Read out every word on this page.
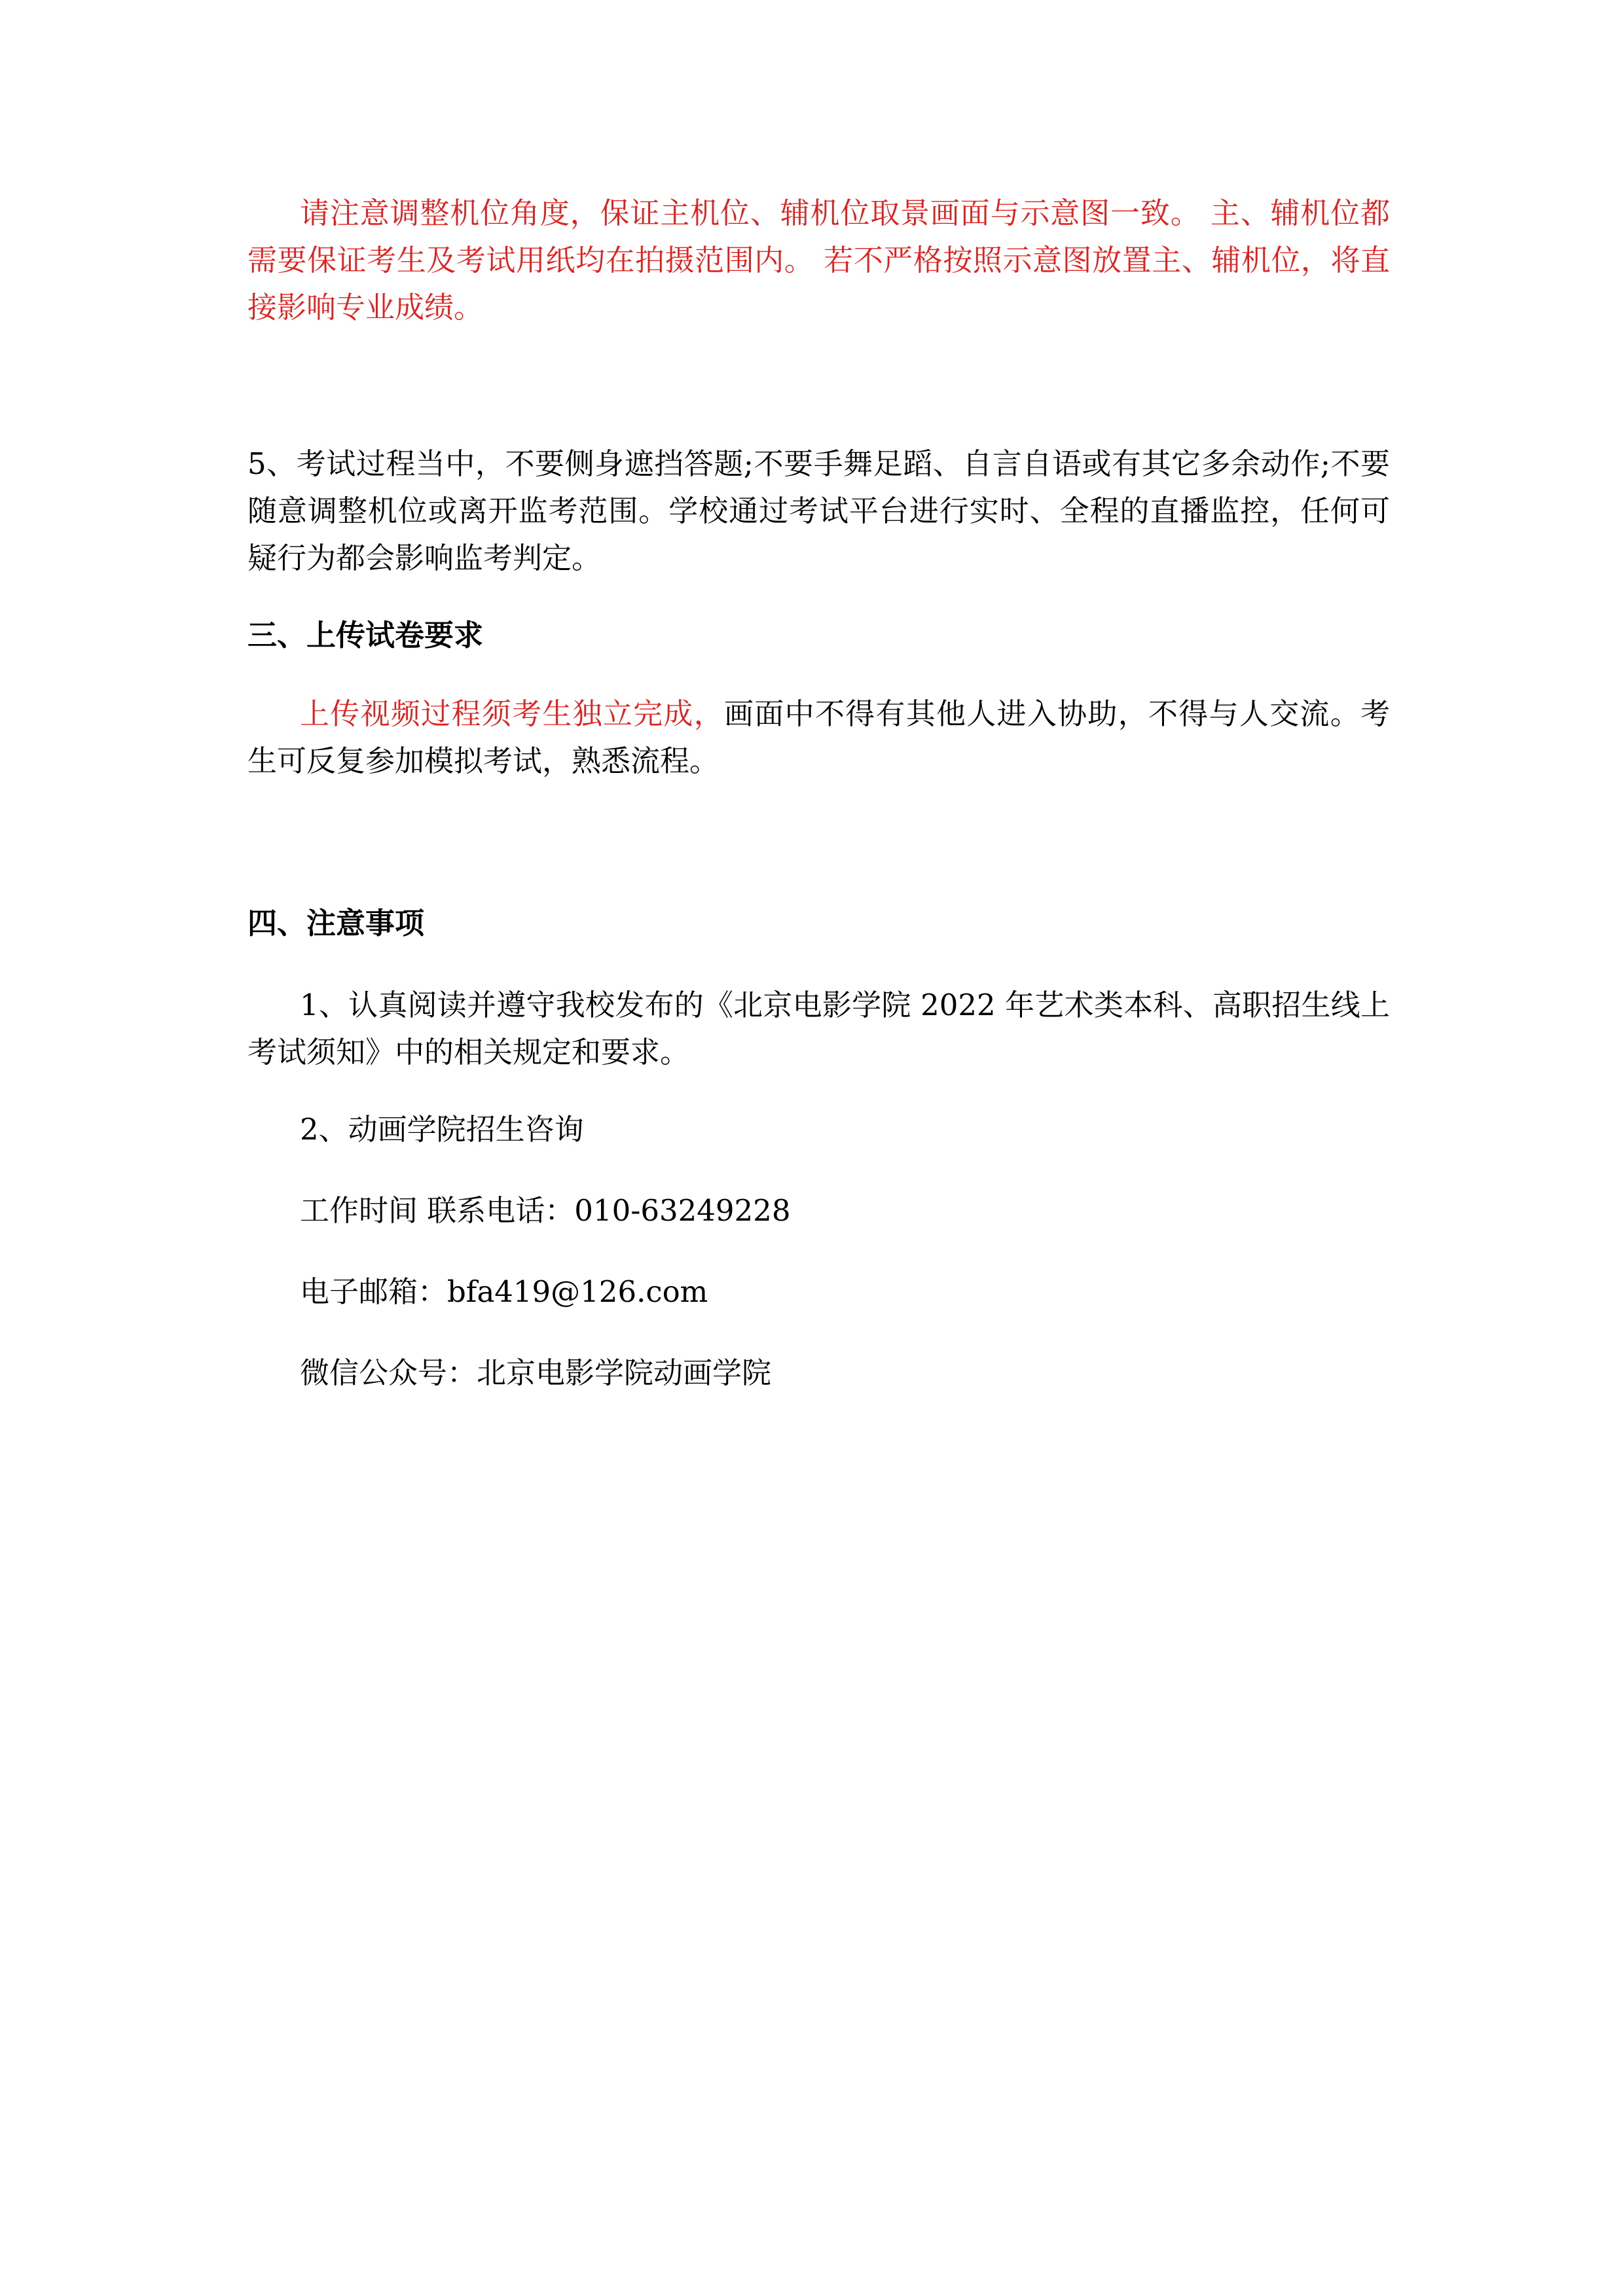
请注意调整机位角度，保证主机位、辅机位取景画面与示意图一致。 主、辅机位都需要保证考生及考试用纸均在拍摄范围内。 若不严格按照示意图放置主、辅机位，将直接影响专业成绩。

5、考试过程当中，不要侧身遮挡答题;不要手舞足蹈、自言自语或有其它多余动作;不要随意调整机位或离开监考范围。学校通过考试平台进行实时、全程的直播监控，任何可疑行为都会影响监考判定。

三、上传试卷要求

上传视频过程须考生独立完成，画面中不得有其他人进入协助，不得与人交流。考生可反复参加模拟考试，熟悉流程。

四、注意事项

1、认真阅读并遵守我校发布的《北京电影学院 2022 年艺术类本科、高职招生线上考试须知》中的相关规定和要求。

2、动画学院招生咨询

工作时间 联系电话：010-63249228

电子邮箱：bfa419@126.com

微信公众号：北京电影学院动画学院
